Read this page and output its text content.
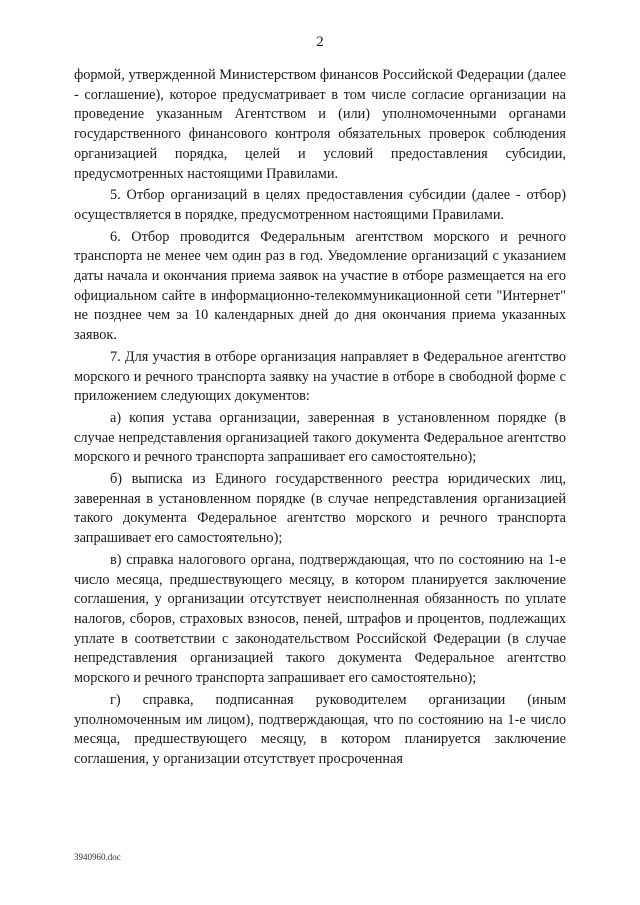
2

формой, утвержденной Министерством финансов Российской Федерации (далее - соглашение), которое предусматривает в том числе согласие организации на проведение указанным Агентством и (или) уполномоченными органами государственного финансового контроля обязательных проверок соблюдения организацией порядка, целей и условий предоставления субсидии, предусмотренных настоящими Правилами.

5. Отбор организаций в целях предоставления субсидии (далее - отбор) осуществляется в порядке, предусмотренном настоящими Правилами.

6. Отбор проводится Федеральным агентством морского и речного транспорта не менее чем один раз в год. Уведомление организаций с указанием даты начала и окончания приема заявок на участие в отборе размещается на его официальном сайте в информационно-телекоммуникационной сети "Интернет" не позднее чем за 10 календарных дней до дня окончания приема указанных заявок.

7. Для участия в отборе организация направляет в Федеральное агентство морского и речного транспорта заявку на участие в отборе в свободной форме с приложением следующих документов:

а) копия устава организации, заверенная в установленном порядке (в случае непредставления организацией такого документа Федеральное агентство морского и речного транспорта запрашивает его самостоятельно);

б) выписка из Единого государственного реестра юридических лиц, заверенная в установленном порядке (в случае непредставления организацией такого документа Федеральное агентство морского и речного транспорта запрашивает его самостоятельно);

в) справка налогового органа, подтверждающая, что по состоянию на 1-е число месяца, предшествующего месяцу, в котором планируется заключение соглашения, у организации отсутствует неисполненная обязанность по уплате налогов, сборов, страховых взносов, пеней, штрафов и процентов, подлежащих уплате в соответствии с законодательством Российской Федерации (в случае непредставления организацией такого документа Федеральное агентство морского и речного транспорта запрашивает его самостоятельно);

г) справка, подписанная руководителем организации (иным уполномоченным им лицом), подтверждающая, что по состоянию на 1-е число месяца, предшествующего месяцу, в котором планируется заключение соглашения, у организации отсутствует просроченная

3940960.doc
